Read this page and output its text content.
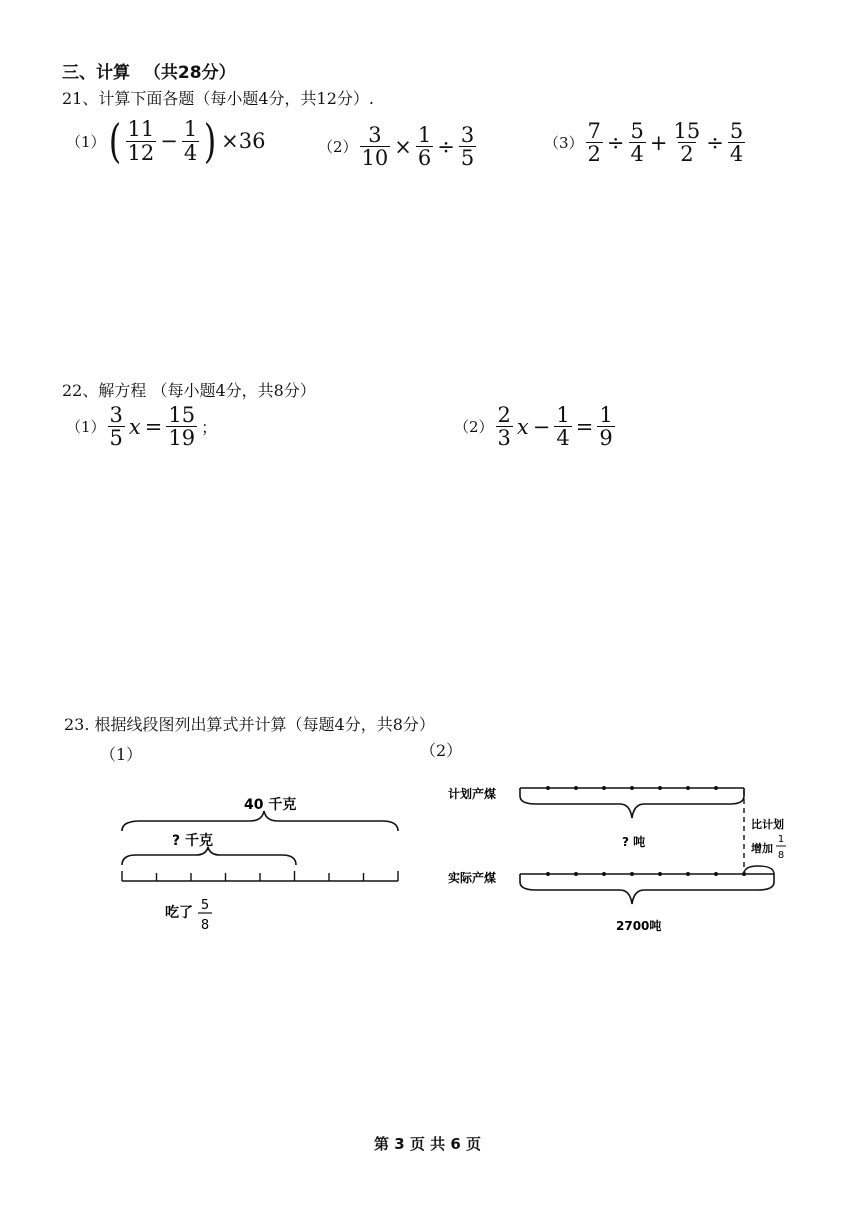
三、计算 （共28分）
21、计算下面各题（每小题4分，共12分）.
（1） ( $\frac{11}{12} - \frac{1}{4}$ ) ×36	$(2) \frac{3}{10} \times \frac{1}{6} \div \frac{3}{5}$	$(3) \frac{7}{2} \div \frac{5}{4} + \frac{15}{2} \div \frac{5}{4}$
22、解方程 （每小题4分，共8分）
$(1) \frac{3}{5}$ $x = \frac{15}{19}$ ；	$(2) \frac{2}{3}$ $x - \frac{1}{4} = \frac{1}{9}$
23. 根据线段图列出算式并计算（每题4分，共8分）
（1）	（2）
40 千克
? 千克
吃了 5
8
计划产煤
? 吨
比计划
增加
1
8
实际产煤
2700吨
第 3 页 共 6 页
